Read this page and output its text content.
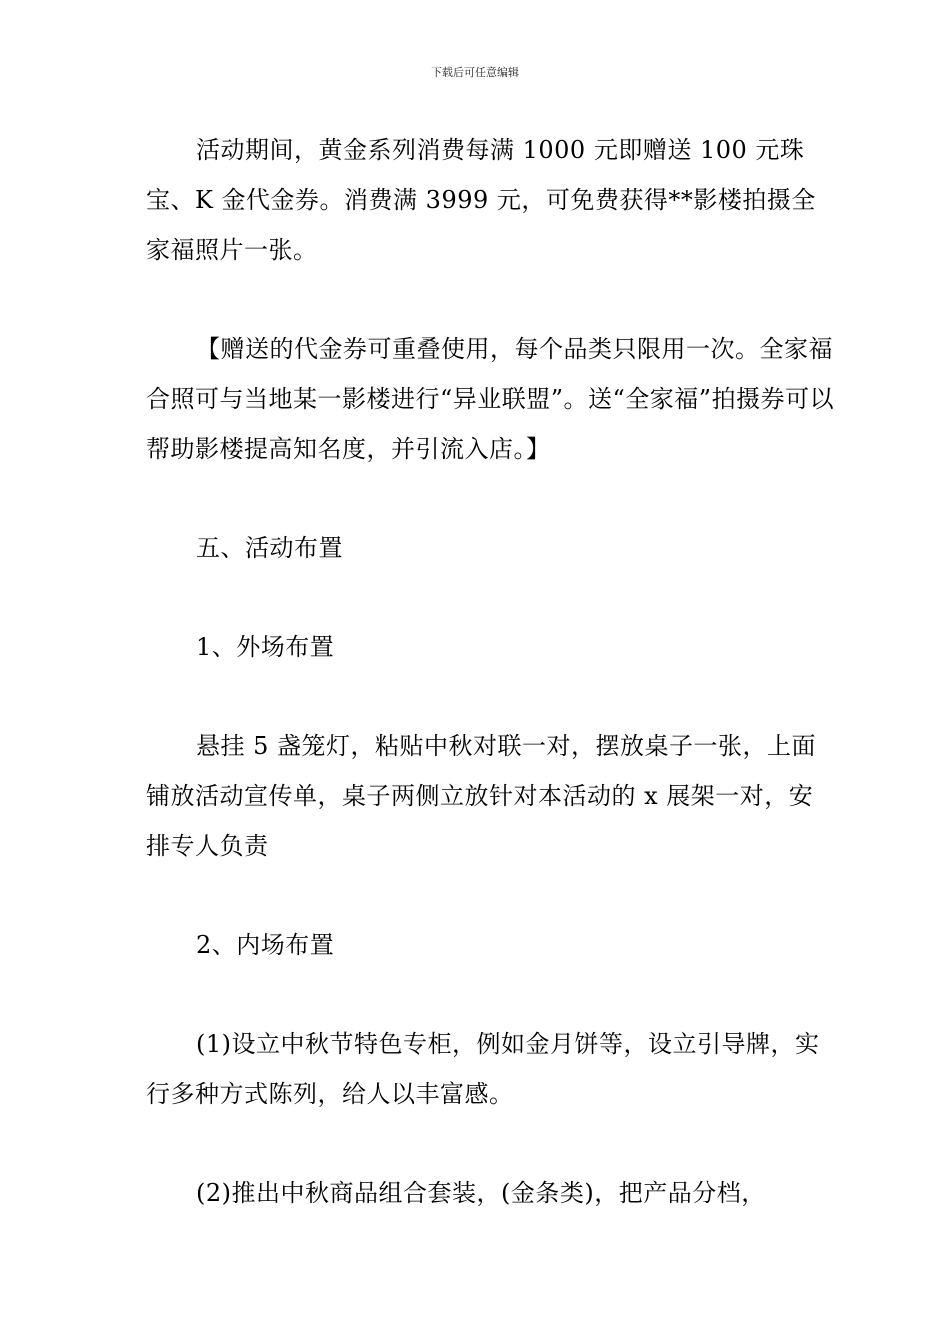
下载后可任意编辑

活动期间，黄金系列消费每满 1000 元即赠送 100 元珠宝、K 金代金券。消费满 3999 元，可免费获得**影楼拍摄全家福照片一张。

【赠送的代金券可重叠使用，每个品类只限用一次。全家福合照可与当地某一影楼进行“异业联盟”。送“全家福”拍摄券可以帮助影楼提高知名度，并引流入店。】

五、活动布置

1、外场布置

悬挂 5 盏笼灯，粘贴中秋对联一对，摆放桌子一张，上面铺放活动宣传单，桌子两侧立放针对本活动的 x 展架一对，安排专人负责

2、内场布置

(1)设立中秋节特色专柜，例如金月饼等，设立引导牌，实行多种方式陈列，给人以丰富感。

(2)推出中秋商品组合套装，(金条类)，把产品分档，
